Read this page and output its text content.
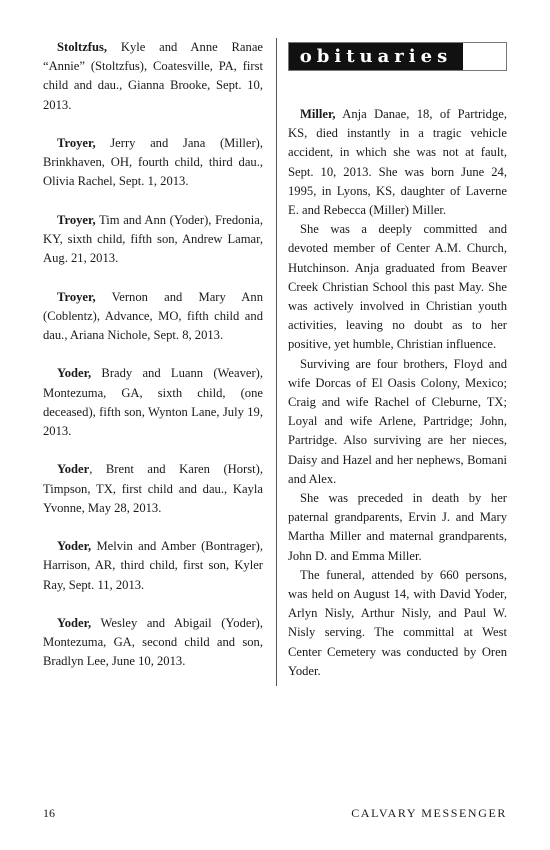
Stoltzfus, Kyle and Anne Ranae “Annie” (Stoltzfus), Coatesville, PA, first child and dau., Gianna Brooke, Sept. 10, 2013.

Troyer, Jerry and Jana (Miller), Brinkhaven, OH, fourth child, third dau., Olivia Rachel, Sept. 1, 2013.

Troyer, Tim and Ann (Yoder), Fredonia, KY, sixth child, fifth son, Andrew Lamar, Aug. 21, 2013.

Troyer, Vernon and Mary Ann (Coblentz), Advance, MO, fifth child and dau., Ariana Nichole, Sept. 8, 2013.

Yoder, Brady and Luann (Weaver), Montezuma, GA, sixth child, (one deceased), fifth son, Wynton Lane, July 19, 2013.

Yoder, Brent and Karen (Horst), Timpson, TX, first child and dau., Kayla Yvonne, May 28, 2013.

Yoder, Melvin and Amber (Bontrager), Harrison, AR, third child, first son, Kyler Ray, Sept. 11, 2013.

Yoder, Wesley and Abigail (Yoder), Montezuma, GA, second child and son, Bradlyn Lee, June 10, 2013.

obituaries

Miller, Anja Danae, 18, of Partridge, KS, died instantly in a tragic vehicle accident, in which she was not at fault, Sept. 10, 2013. She was born June 24, 1995, in Lyons, KS, daughter of Laverne E. and Rebecca (Miller) Miller.

She was a deeply committed and devoted member of Center A.M. Church, Hutchinson. Anja graduated from Beaver Creek Christian School this past May. She was actively involved in Christian youth activities, leaving no doubt as to her positive, yet humble, Christian influence.

Surviving are four brothers, Floyd and wife Dorcas of El Oasis Colony, Mexico; Craig and wife Rachel of Cleburne, TX; Loyal and wife Arlene, Partridge; John, Partridge. Also surviving are her nieces, Daisy and Hazel and her nephews, Bomani and Alex.

She was preceded in death by her paternal grandparents, Ervin J. and Mary Martha Miller and maternal grandparents, John D. and Emma Miller.

The funeral, attended by 660 persons, was held on August 14, with David Yoder, Arlyn Nisly, Arthur Nisly, and Paul W. Nisly serving. The committal at West Center Cemetery was conducted by Oren Yoder.

16	CALVARY MESSENGER
